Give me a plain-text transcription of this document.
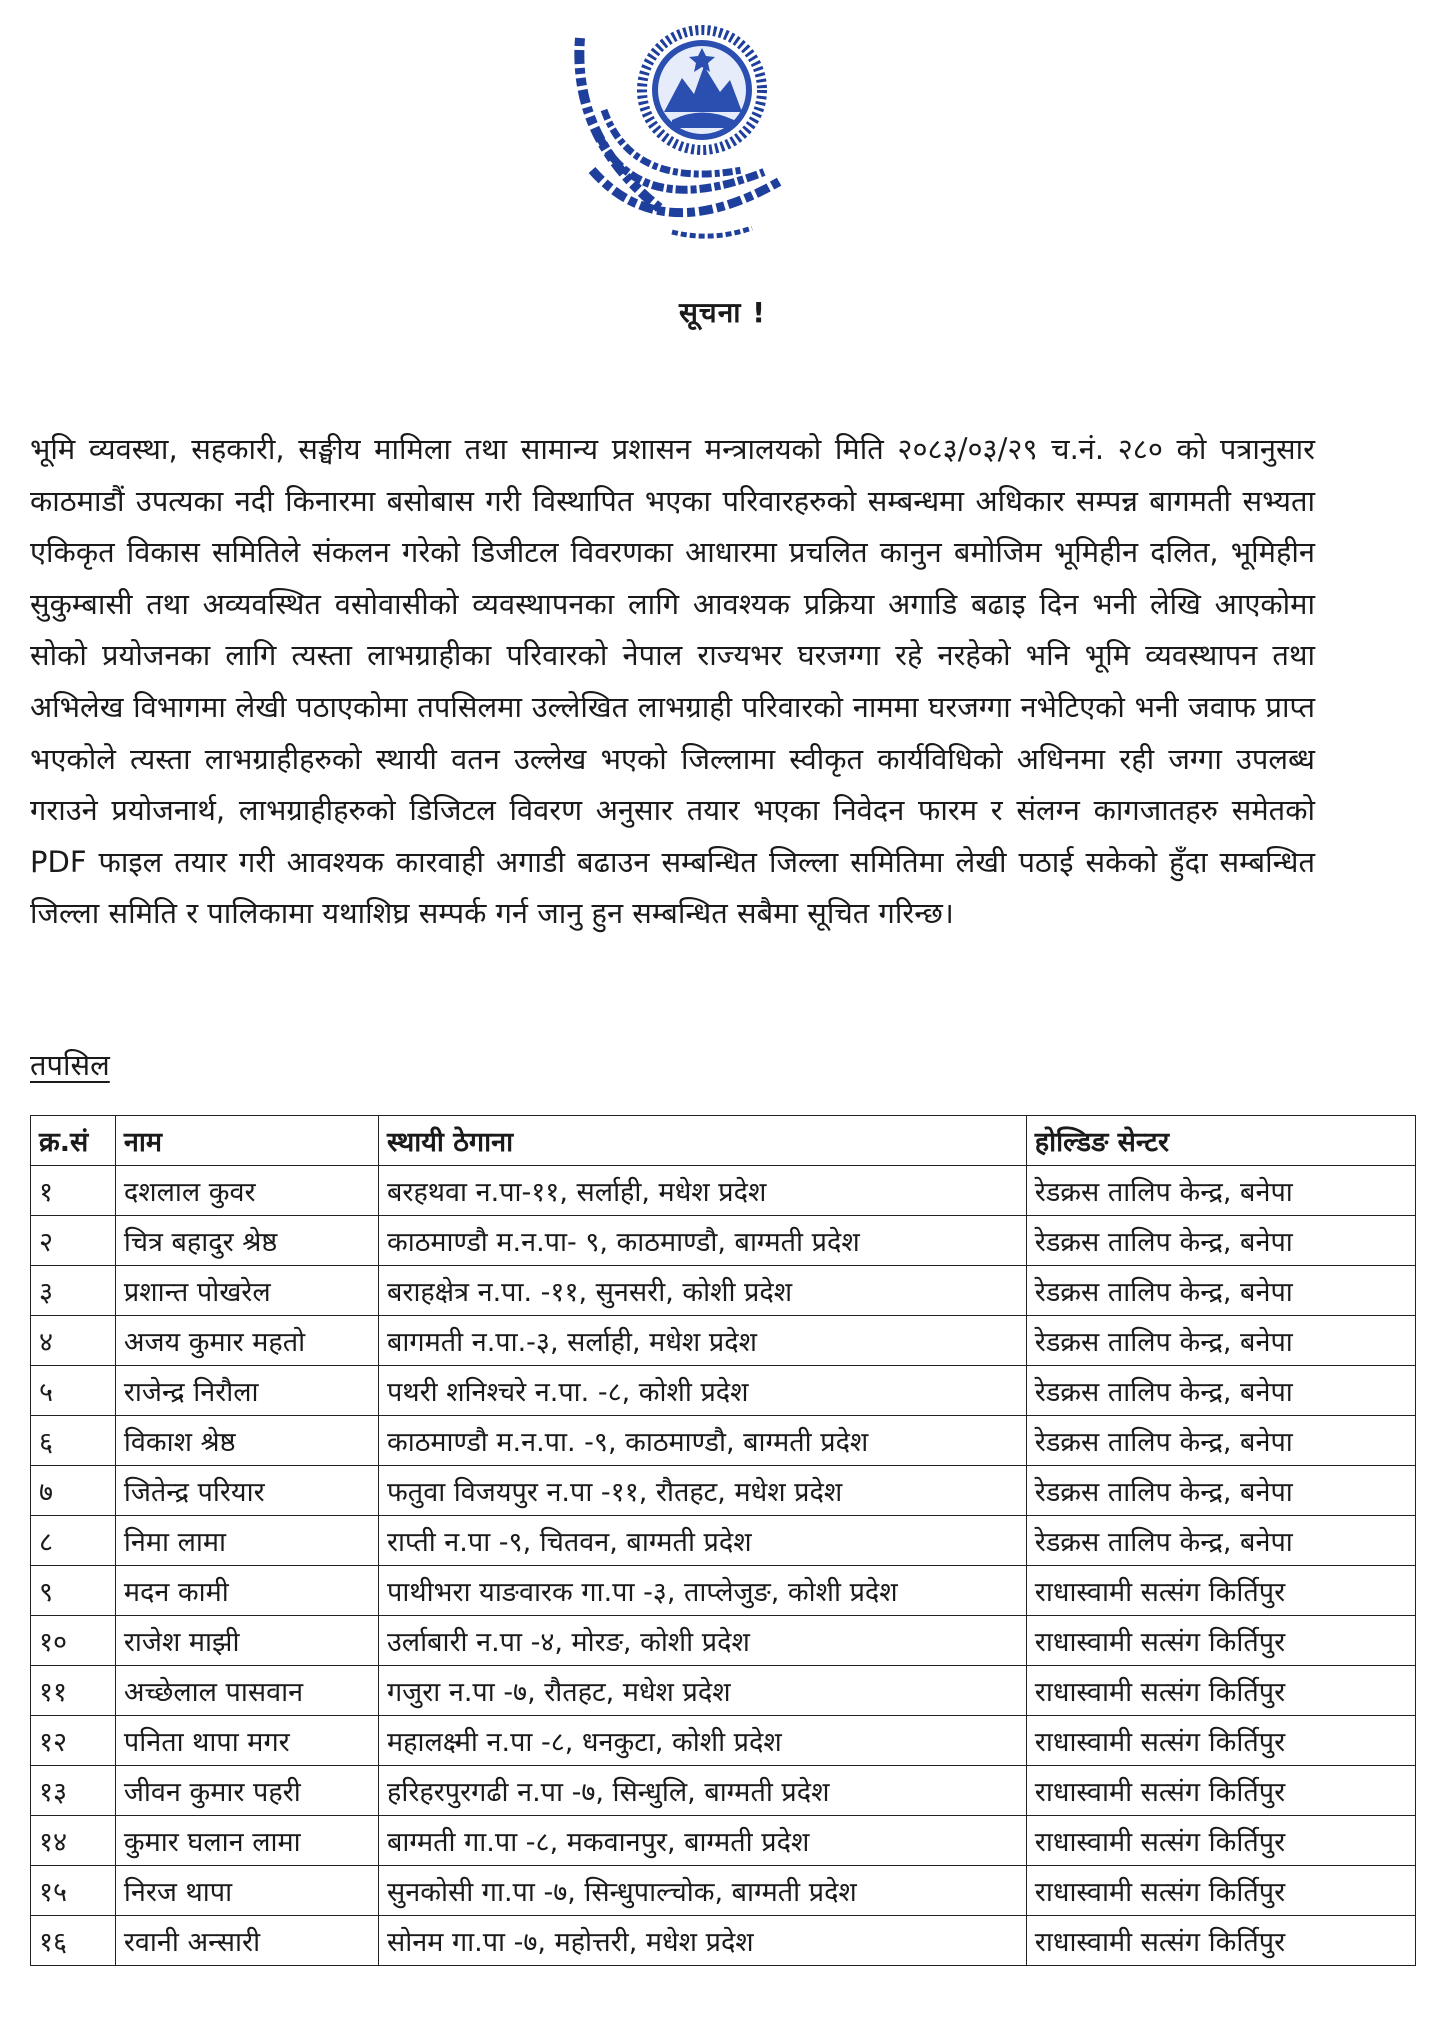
सूचना !
भूमि व्यवस्था, सहकारी, सङ्घीय मामिला तथा सामान्य प्रशासन मन्त्रालयको मिति २०८३/०३/२९ च.नं. २८० को पत्रानुसार काठमाडौं उपत्यका नदी किनारमा बसोबास गरी विस्थापित भएका परिवारहरुको सम्बन्धमा अधिकार सम्पन्न बागमती सभ्यता एकिकृत विकास समितिले संकलन गरेको डिजीटल विवरणका आधारमा प्रचलित कानुन बमोजिम भूमिहीन दलित, भूमिहीन सुकुम्बासी तथा अव्यवस्थित वसोवासीको व्यवस्थापनका लागि आवश्यक प्रक्रिया अगाडि बढाइ दिन भनी लेखि आएकोमा सोको प्रयोजनका लागि त्यस्ता लाभग्राहीका परिवारको नेपाल राज्यभर घरजग्गा रहे नरहेको भनि भूमि व्यवस्थापन तथा अभिलेख विभागमा लेखी पठाएकोमा तपसिलमा उल्लेखित लाभग्राही परिवारको नाममा घरजग्गा नभेटिएको भनी जवाफ प्राप्त भएकोले त्यस्ता लाभग्राहीहरुको स्थायी वतन उल्लेख भएको जिल्लामा स्वीकृत कार्यविधिको अधिनमा रही जग्गा उपलब्ध गराउने प्रयोजनार्थ, लाभग्राहीहरुको डिजिटल विवरण अनुसार तयार भएका निवेदन फारम र संलग्न कागजातहरु समेतको PDF फाइल तयार गरी आवश्यक कारवाही अगाडी बढाउन सम्बन्धित जिल्ला समितिमा लेखी पठाई सकेको हुँदा सम्बन्धित जिल्ला समिति र पालिकामा यथाशिघ्र सम्पर्क गर्न जानु हुन सम्बन्धित सबैमा सूचित गरिन्छ।
तपसिल
क्र.सं	नाम	स्थायी ठेगाना	होल्डिङ सेन्टर
१	दशलाल कुवर	बरहथवा न.पा-११, सर्लाही, मधेश प्रदेश	रेडक्रस तालिप केन्द्र, बनेपा
२	चित्र बहादुर श्रेष्ठ	काठमाण्डौ म.न.पा- ९, काठमाण्डौ, बाग्मती प्रदेश	रेडक्रस तालिप केन्द्र, बनेपा
३	प्रशान्त पोखरेल	बराहक्षेत्र न.पा. -११, सुनसरी, कोशी प्रदेश	रेडक्रस तालिप केन्द्र, बनेपा
४	अजय कुमार महतो	बागमती न.पा.-३, सर्लाही, मधेश प्रदेश	रेडक्रस तालिप केन्द्र, बनेपा
५	राजेन्द्र निरौला	पथरी शनिश्चरे न.पा. -८, कोशी प्रदेश	रेडक्रस तालिप केन्द्र, बनेपा
६	विकाश श्रेष्ठ	काठमाण्डौ म.न.पा. -९, काठमाण्डौ, बाग्मती प्रदेश	रेडक्रस तालिप केन्द्र, बनेपा
७	जितेन्द्र परियार	फतुवा विजयपुर न.पा -११, रौतहट, मधेश प्रदेश	रेडक्रस तालिप केन्द्र, बनेपा
८	निमा लामा	राप्ती न.पा -९, चितवन, बाग्मती प्रदेश	रेडक्रस तालिप केन्द्र, बनेपा
९	मदन कामी	पाथीभरा याङवारक गा.पा -३, ताप्लेजुङ, कोशी प्रदेश	राधास्वामी सत्संग किर्तिपुर
१०	राजेश माझी	उर्लाबारी न.पा -४, मोरङ, कोशी प्रदेश	राधास्वामी सत्संग किर्तिपुर
११	अच्छेलाल पासवान	गजुरा न.पा -७, रौतहट, मधेश प्रदेश	राधास्वामी सत्संग किर्तिपुर
१२	पनिता थापा मगर	महालक्ष्मी न.पा -८, धनकुटा, कोशी प्रदेश	राधास्वामी सत्संग किर्तिपुर
१३	जीवन कुमार पहरी	हरिहरपुरगढी न.पा -७, सिन्धुलि, बाग्मती प्रदेश	राधास्वामी सत्संग किर्तिपुर
१४	कुमार घलान लामा	बाग्मती गा.पा -८, मकवानपुर, बाग्मती प्रदेश	राधास्वामी सत्संग किर्तिपुर
१५	निरज थापा	सुनकोसी गा.पा -७, सिन्धुपाल्चोक, बाग्मती प्रदेश	राधास्वामी सत्संग किर्तिपुर
१६	रवानी अन्सारी	सोनम गा.पा -७, महोत्तरी, मधेश प्रदेश	राधास्वामी सत्संग किर्तिपुर
